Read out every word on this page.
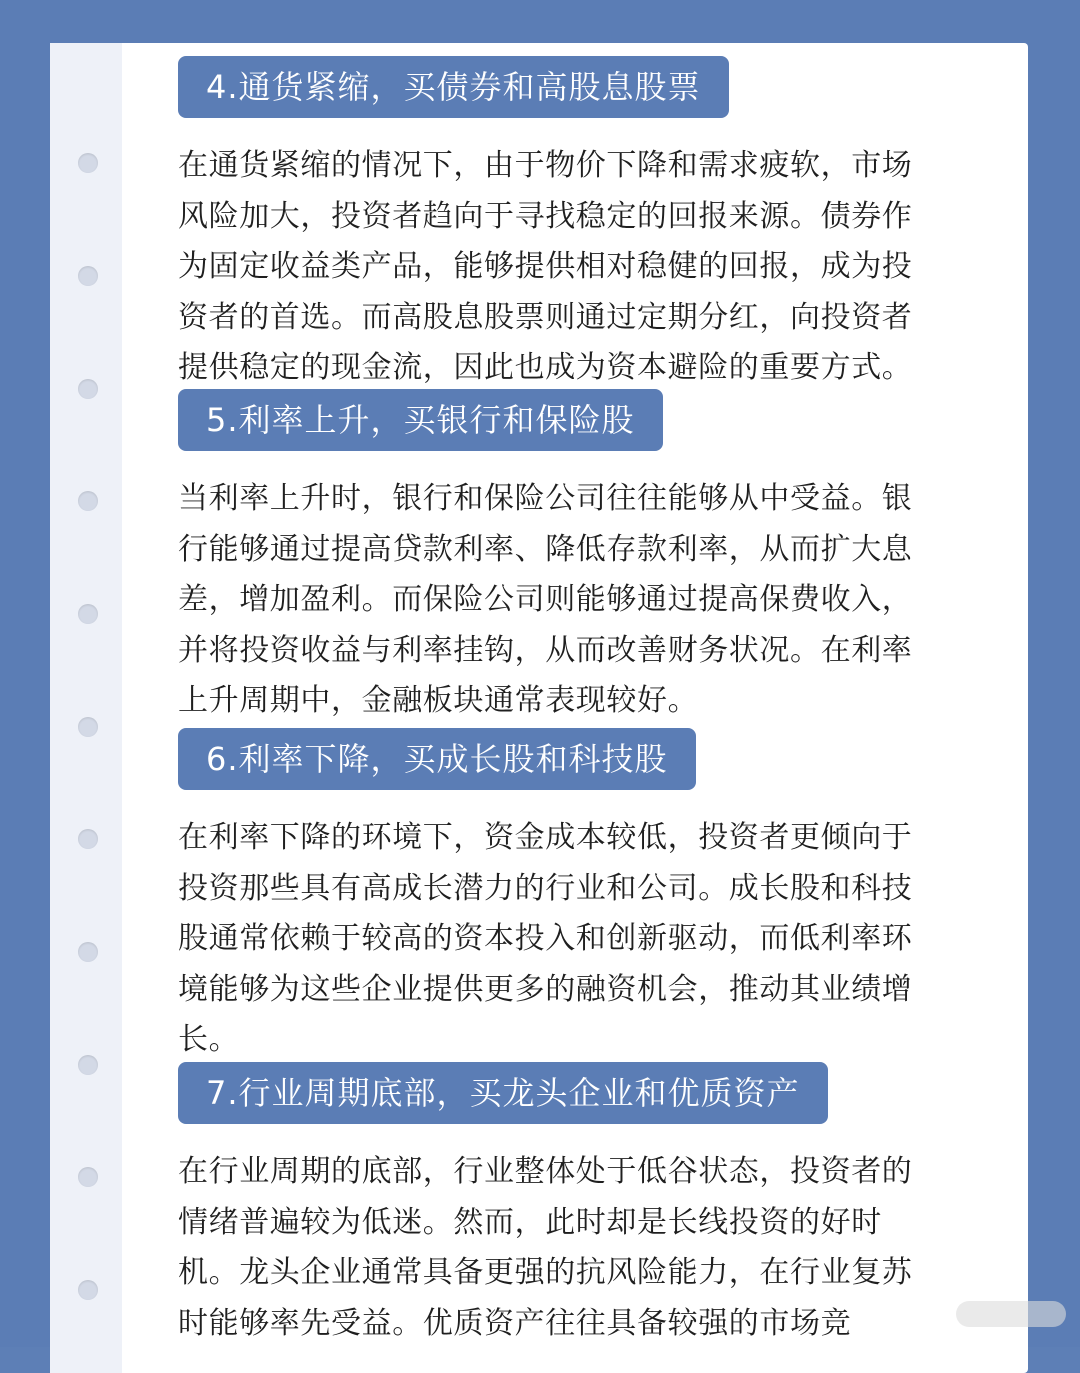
4.通货紧缩，买债券和高股息股票
在通货紧缩的情况下，由于物价下降和需求疲软，市场
风险加大，投资者趋向于寻找稳定的回报来源。债券作
为固定收益类产品，能够提供相对稳健的回报，成为投
资者的首选。而高股息股票则通过定期分红，向投资者
提供稳定的现金流，因此也成为资本避险的重要方式。
5.利率上升，买银行和保险股
当利率上升时，银行和保险公司往往能够从中受益。银
行能够通过提高贷款利率、降低存款利率，从而扩大息
差，增加盈利。而保险公司则能够通过提高保费收入，
并将投资收益与利率挂钩，从而改善财务状况。在利率
上升周期中，金融板块通常表现较好。
6.利率下降，买成长股和科技股
在利率下降的环境下，资金成本较低，投资者更倾向于
投资那些具有高成长潜力的行业和公司。成长股和科技
股通常依赖于较高的资本投入和创新驱动，而低利率环
境能够为这些企业提供更多的融资机会，推动其业绩增
长。
7.行业周期底部，买龙头企业和优质资产
在行业周期的底部，行业整体处于低谷状态，投资者的
情绪普遍较为低迷。然而，此时却是长线投资的好时
机。龙头企业通常具备更强的抗风险能力，在行业复苏
时能够率先受益。优质资产往往具备较强的市场竞
